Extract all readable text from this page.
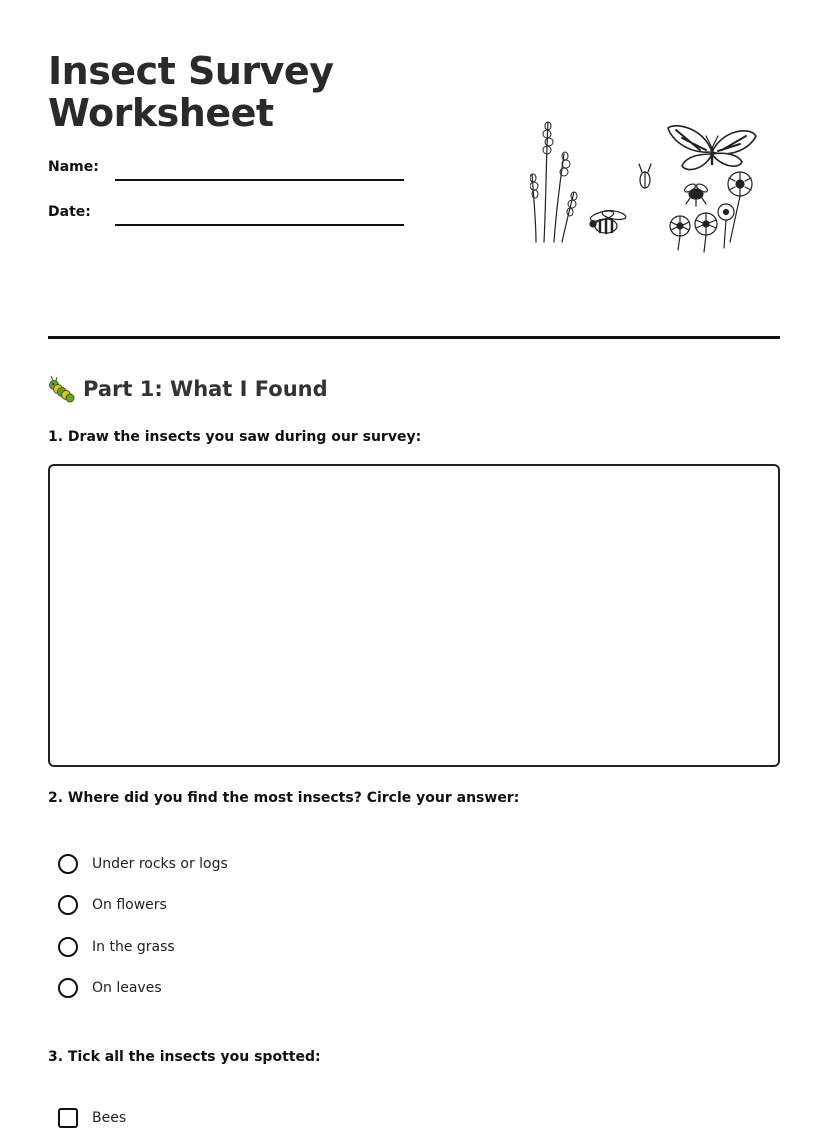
Insect Survey
Worksheet
Name:
Date:
Part 1: What I Found
1. Draw the insects you saw during our survey:
2. Where did you find the most insects? Circle your answer:
Under rocks or logs
On flowers
In the grass
On leaves
3. Tick all the insects you spotted:
Bees
